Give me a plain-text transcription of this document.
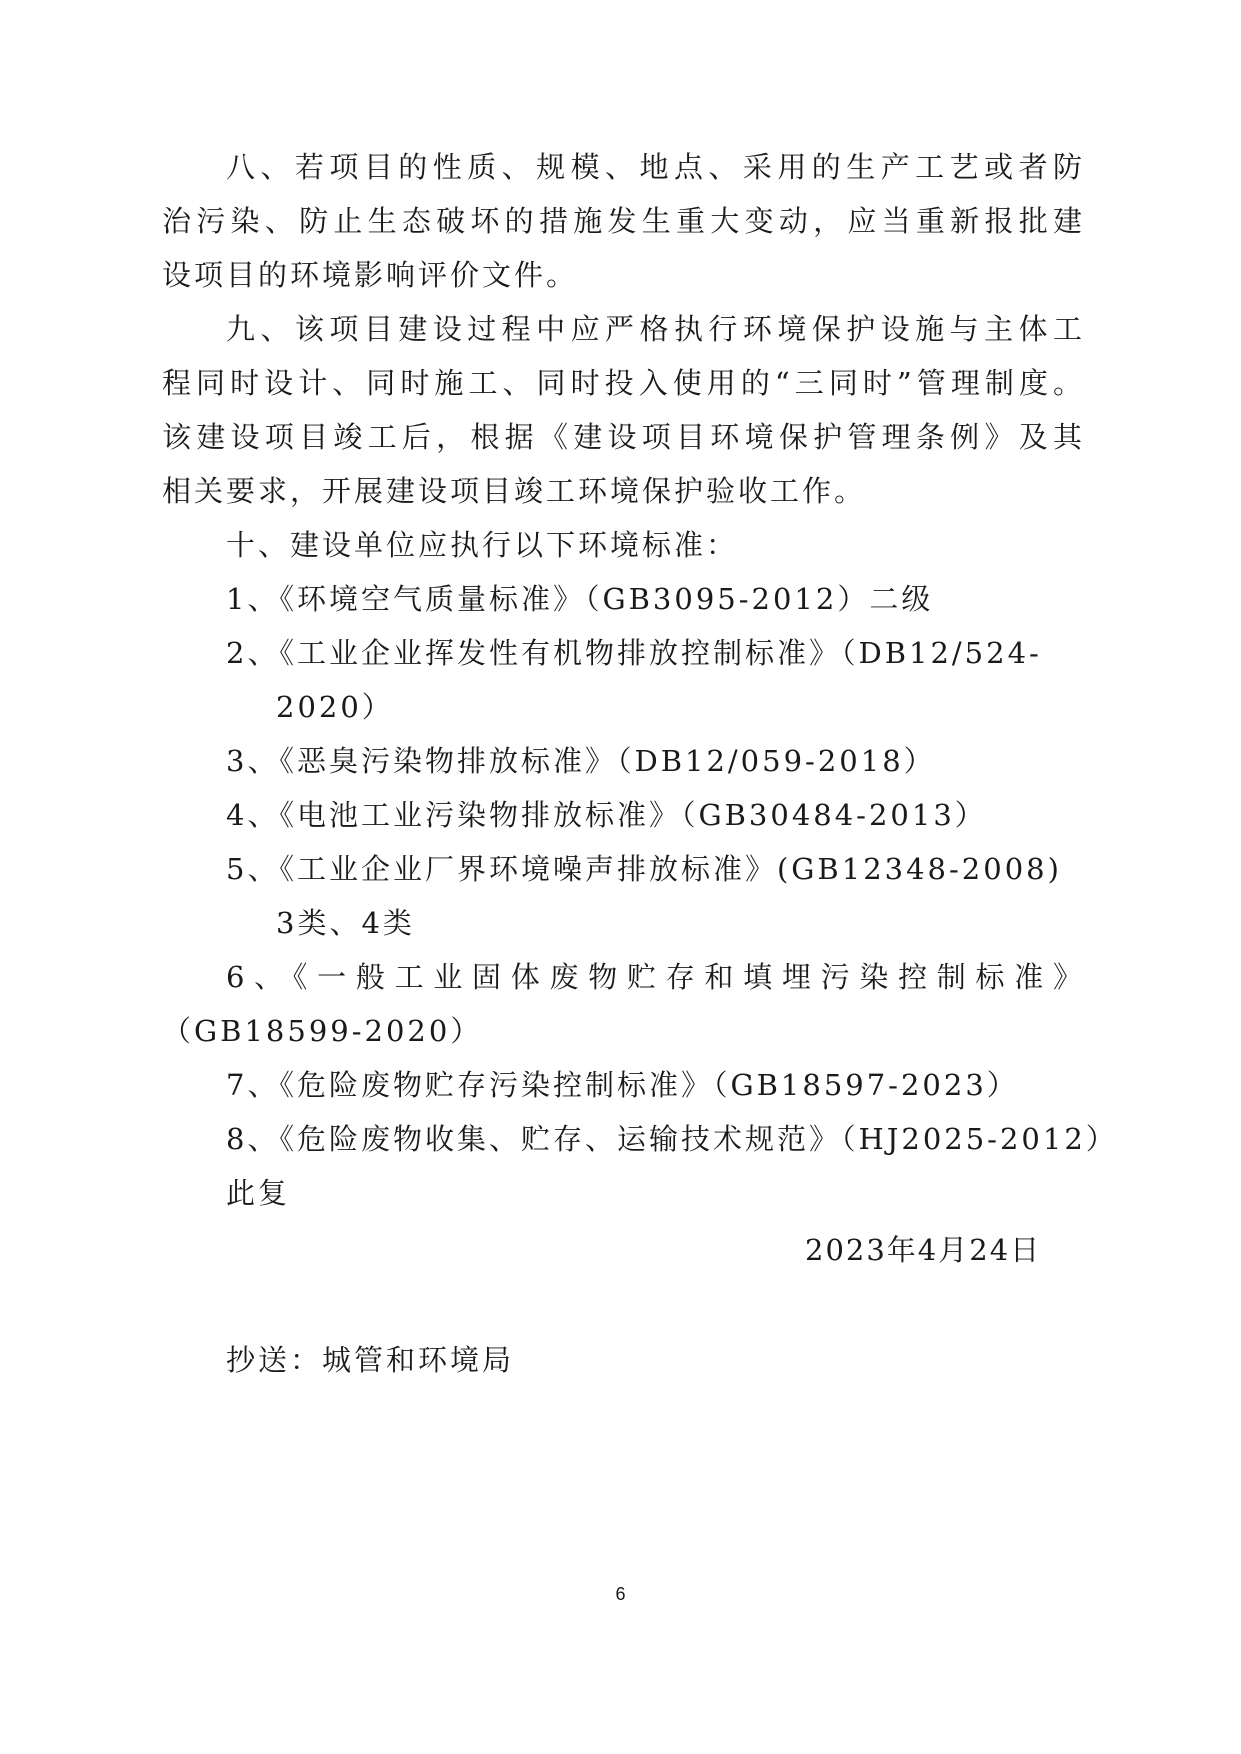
八、若项目的性质、规模、地点、采用的生产工艺或者防
治污染、防止生态破坏的措施发生重大变动，应当重新报批建
设项目的环境影响评价文件。
九、该项目建设过程中应严格执行环境保护设施与主体工
程同时设计、同时施工、同时投入使用的“三同时”管理制度。
该建设项目竣工后，根据《建设项目环境保护管理条例》及其
相关要求，开展建设项目竣工环境保护验收工作。
十、建设单位应执行以下环境标准：
1、《环境空气质量标准》（GB3095-2012）二级
2、《工业企业挥发性有机物排放控制标准》（DB12/524-
2020）
3、《恶臭污染物排放标准》（DB12/059-2018）
4、《电池工业污染物排放标准》（GB30484-2013）
5、《工业企业厂界环境噪声排放标准》(GB12348-2008)
3类、4类
6、《一般工业固体废物贮存和填埋污染控制标准》
（GB18599-2020）
7、《危险废物贮存污染控制标准》（GB18597-2023）
8、《危险废物收集、贮存、运输技术规范》（HJ2025-2012）
此复
2023年4月24日
抄送：城管和环境局
6
